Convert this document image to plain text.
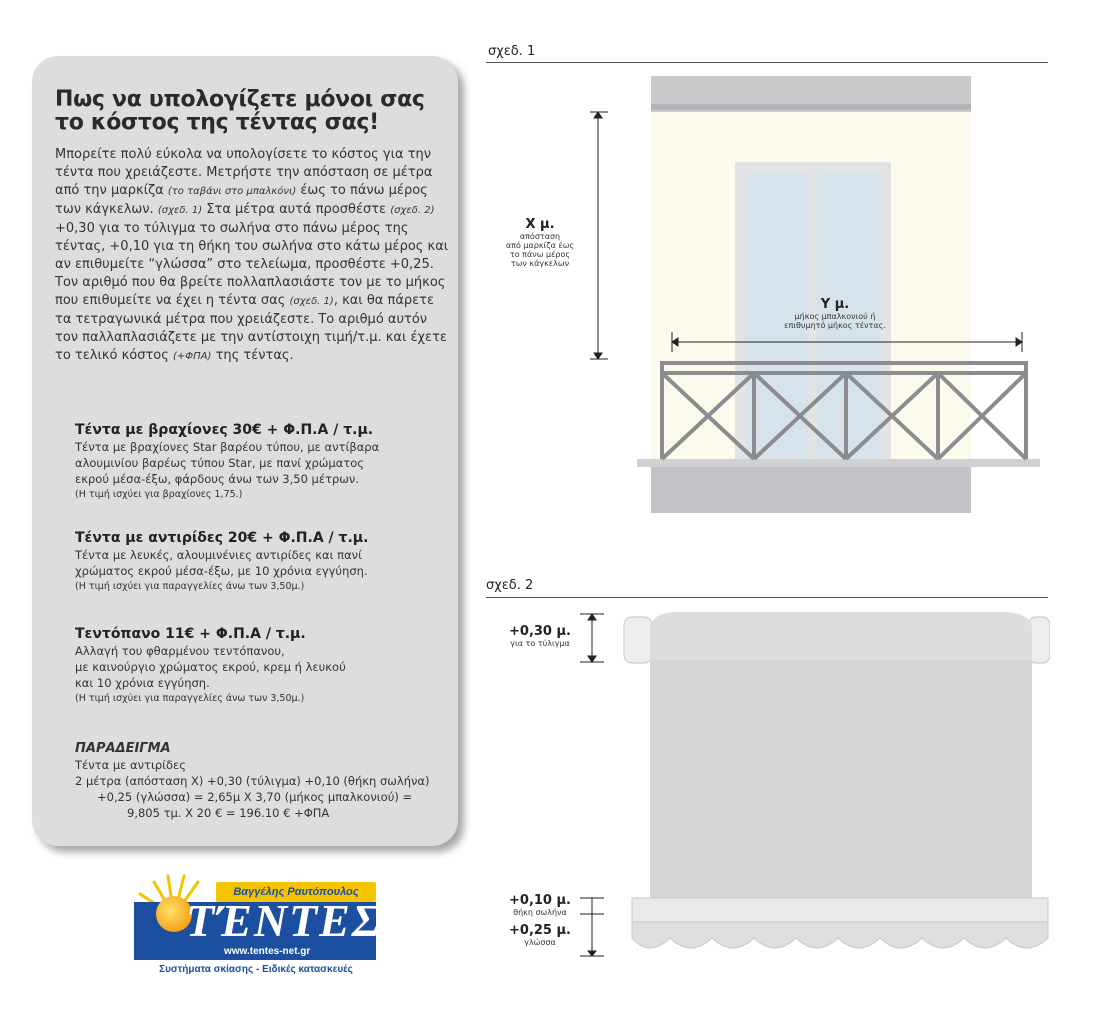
Πως να υπολογίζετε μόνοι σας
το κόστος της τέντας σας!
Μπορείτε πολύ εύκολα να υπολογίσετε το κόστος για την τέντα που χρειάζεστε. Μετρήστε την απόσταση σε μέτρα από την μαρκίζα (το ταβάνι στο μπαλκόνι) έως το πάνω μέρος των κάγκελων. (σχεδ. 1) Στα μέτρα αυτά προσθέστε (σχεδ. 2) +0,30 για το τύλιγμα το σωλήνα στο πάνω μέρος της τέντας, +0,10 για τη θήκη του σωλήνα στο κάτω μέρος και αν επιθυμείτε “γλώσσα” στο τελείωμα, προσθέστε +0,25. Τον αριθμό που θα βρείτε πολλαπλασιάστε τον με το μήκος που επιθυμείτε να έχει η τέντα σας (σχεδ. 1), και θα πάρετε τα τετραγωνικά μέτρα που χρειάζεστε. Το αριθμό αυτόν τον παλλαπλασιάζετε με την αντίστοιχη τιμή/τ.μ. και έχετε το τελικό κόστος (+ΦΠΑ) της τέντας.
Τέντα με βραχίονες 30€ + Φ.Π.Α / τ.μ.

Τέντα με βραχίονες Star βαρέου τύπου, με αντίβαρα

αλουμινίου βαρέως τύπου Star, με πανί χρώματος

εκρού μέσα-έξω, φάρδους άνω των 3,50 μέτρων.

(Η τιμή ισχύει για βραχίονες 1,75.)

Τέντα με αντιρίδες 20€ + Φ.Π.Α / τ.μ.

Τέντα με λευκές, αλουμινένιες αντιρίδες και πανί

χρώματος εκρού μέσα-έξω, με 10 χρόνια εγγύηση.

(Η τιμή ισχύει για παραγγελίες άνω των 3,50μ.)

Τεντόπανο 11€ + Φ.Π.Α / τ.μ.

Αλλαγή του φθαρμένου τεντόπανου,

με καινούργιο χρώματος εκρού, κρεμ ή λευκού

και 10 χρόνια εγγύηση.

(Η τιμή ισχύει για παραγγελίες άνω των 3,50μ.)

ΠΑΡΑΔΕΙΓΜΑ
Τέντα με αντιρίδες
2 μέτρα (απόσταση Χ) +0,30 (τύλιγμα) +0,10 (θήκη σωλήνα)
+0,25 (γλώσσα) = 2,65μ Χ 3,70 (μήκος μπαλκονιού) =
9,805 τμ. Χ 20 € = 196.10 € +ΦΠΑ
Βαγγέλης Ραυτόπουλος
ΤΈΝΤΕΣ
www.tentes-net.gr
Συστήματα σκίασης - Ειδικές κατασκευές
σχεδ. 1
Χ μ.
απόσταση
από μαρκίζα έως
το πάνω μέρος
των κάγκελων
Υ μ.
μήκος μπαλκονιού ή
επιθυμητό μήκος τέντας.
σχεδ. 2
+0,30 μ.
για το τύλιγμα
+0,10 μ.
θήκη σωλήνα
+0,25 μ.
γλώσσα
